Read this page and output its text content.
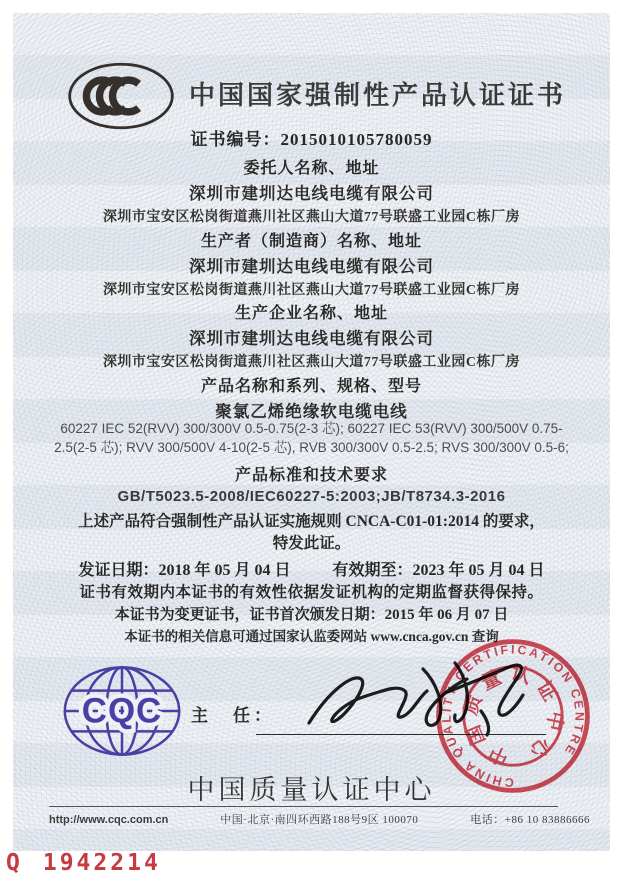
中国国家强制性产品认证证书
证书编号：2015010105780059
委托人名称、地址
深圳市建圳达电线电缆有限公司
深圳市宝安区松岗街道燕川社区燕山大道77号联盛工业园C栋厂房
生产者（制造商）名称、地址
深圳市建圳达电线电缆有限公司
深圳市宝安区松岗街道燕川社区燕山大道77号联盛工业园C栋厂房
生产企业名称、地址
深圳市建圳达电线电缆有限公司
深圳市宝安区松岗街道燕川社区燕山大道77号联盛工业园C栋厂房
产品名称和系列、规格、型号
聚氯乙烯绝缘软电缆电线
60227 IEC 52(RVV) 300/300V 0.5-0.75(2-3 芯); 60227 IEC 53(RVV) 300/500V 0.75-2.5(2-5 芯); RVV 300/500V 4-10(2-5 芯), RVB 300/300V 0.5-2.5; RVS 300/300V 0.5-6;
产品标准和技术要求
GB/T5023.5-2008/IEC60227-5:2003;JB/T8734.3-2016
上述产品符合强制性产品认证实施规则 CNCA-C01-01:2014 的要求，特发此证。
发证日期：2018 年 05 月 04 日	有效期至：2023 年 05 月 04 日
证书有效期内本证书的有效性依据发证机构的定期监督获得保持。
本证书为变更证书，证书首次颁发日期：2015 年 06 月 07 日
本证书的相关信息可通过国家认监委网站 www.cnca.gov.cn 查询
CQC 主　任：
CHINA QUALITY CERTIFICATION CENTRE
中国质量认证中心
中国质量认证中心
http://www.cqc.com.cn	中国·北京·南四环西路188号9区 100070	电话：+86 10 83886666
Q 1942214
